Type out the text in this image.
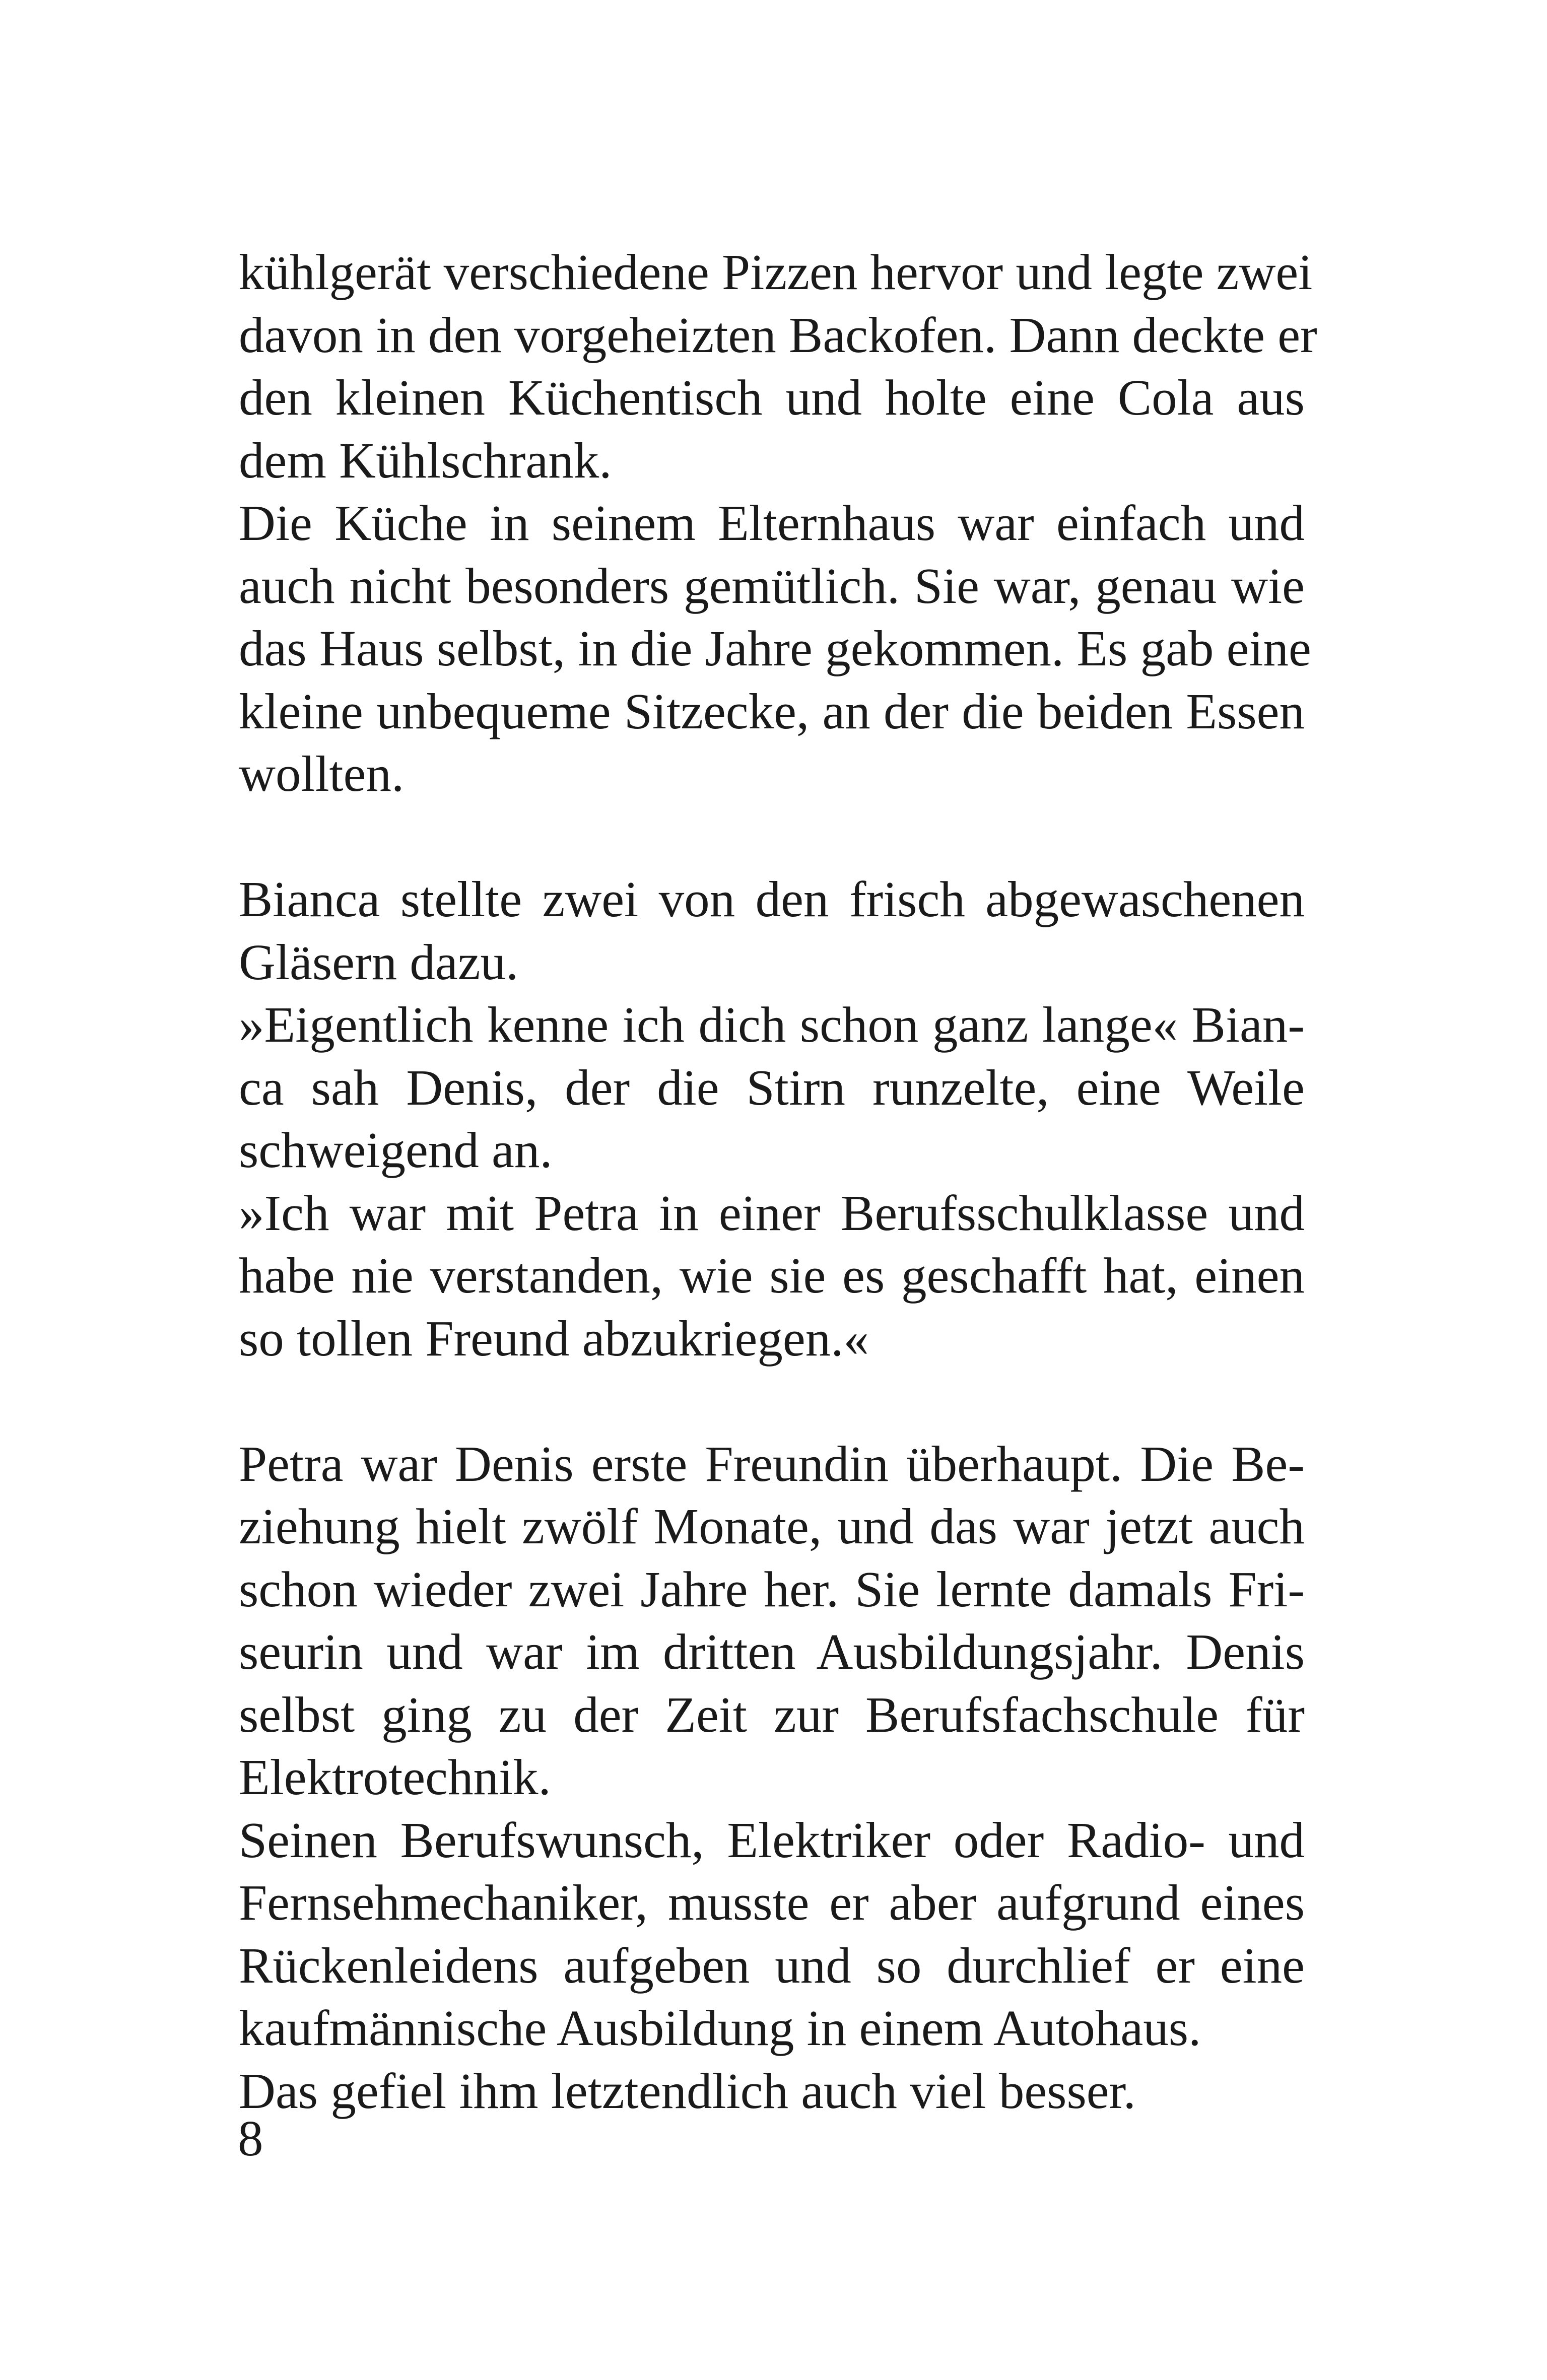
kühlgerät verschiedene Pizzen hervor und legte zwei
davon in den vorgeheizten Backofen. Dann deckte er
den kleinen Küchentisch und holte eine Cola aus
dem Kühlschrank.
Die Küche in seinem Elternhaus war einfach und
auch nicht besonders gemütlich. Sie war, genau wie
das Haus selbst, in die Jahre gekommen. Es gab eine
kleine unbequeme Sitzecke, an der die beiden Essen
wollten.
Bianca stellte zwei von den frisch abgewaschenen
Gläsern dazu.
»Eigentlich kenne ich dich schon ganz lange« Bian-
ca sah Denis, der die Stirn runzelte, eine Weile
schweigend an.
»Ich war mit Petra in einer Berufsschulklasse und
habe nie verstanden, wie sie es geschafft hat, einen
so tollen Freund abzukriegen.«
Petra war Denis erste Freundin überhaupt. Die Be-
ziehung hielt zwölf Monate, und das war jetzt auch
schon wieder zwei Jahre her. Sie lernte damals Fri-
seurin und war im dritten Ausbildungsjahr. Denis
selbst ging zu der Zeit zur Berufsfachschule für
Elektrotechnik.
Seinen Berufswunsch, Elektriker oder Radio- und
Fernsehmechaniker, musste er aber aufgrund eines
Rückenleidens aufgeben und so durchlief er eine
kaufmännische Ausbildung in einem Autohaus.
Das gefiel ihm letztendlich auch viel besser.
8
